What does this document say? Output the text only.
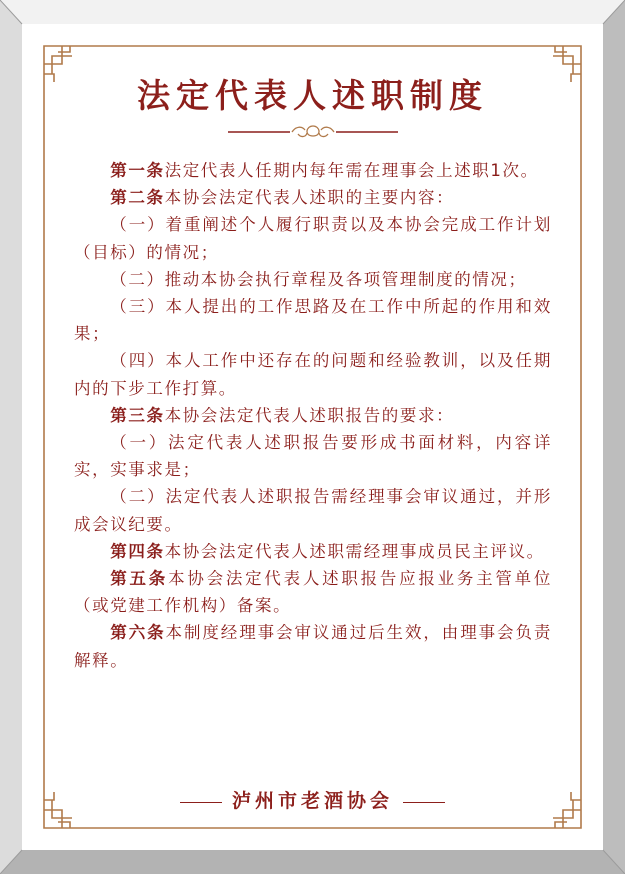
法定代表人述职制度

第一条法定代表人任期内每年需在理事会上述职1次。

第二条本协会法定代表人述职的主要内容：

（一）着重阐述个人履行职责以及本协会完成工作计划（目标）的情况；

（二）推动本协会执行章程及各项管理制度的情况；

（三）本人提出的工作思路及在工作中所起的作用和效果；

（四）本人工作中还存在的问题和经验教训，以及任期内的下步工作打算。

第三条本协会法定代表人述职报告的要求：

（一）法定代表人述职报告要形成书面材料，内容详实，实事求是；

（二）法定代表人述职报告需经理事会审议通过，并形成会议纪要。

第四条本协会法定代表人述职需经理事成员民主评议。

第五条本协会法定代表人述职报告应报业务主管单位（或党建工作机构）备案。

第六条本制度经理事会审议通过后生效，由理事会负责解释。

泸州市老酒协会
